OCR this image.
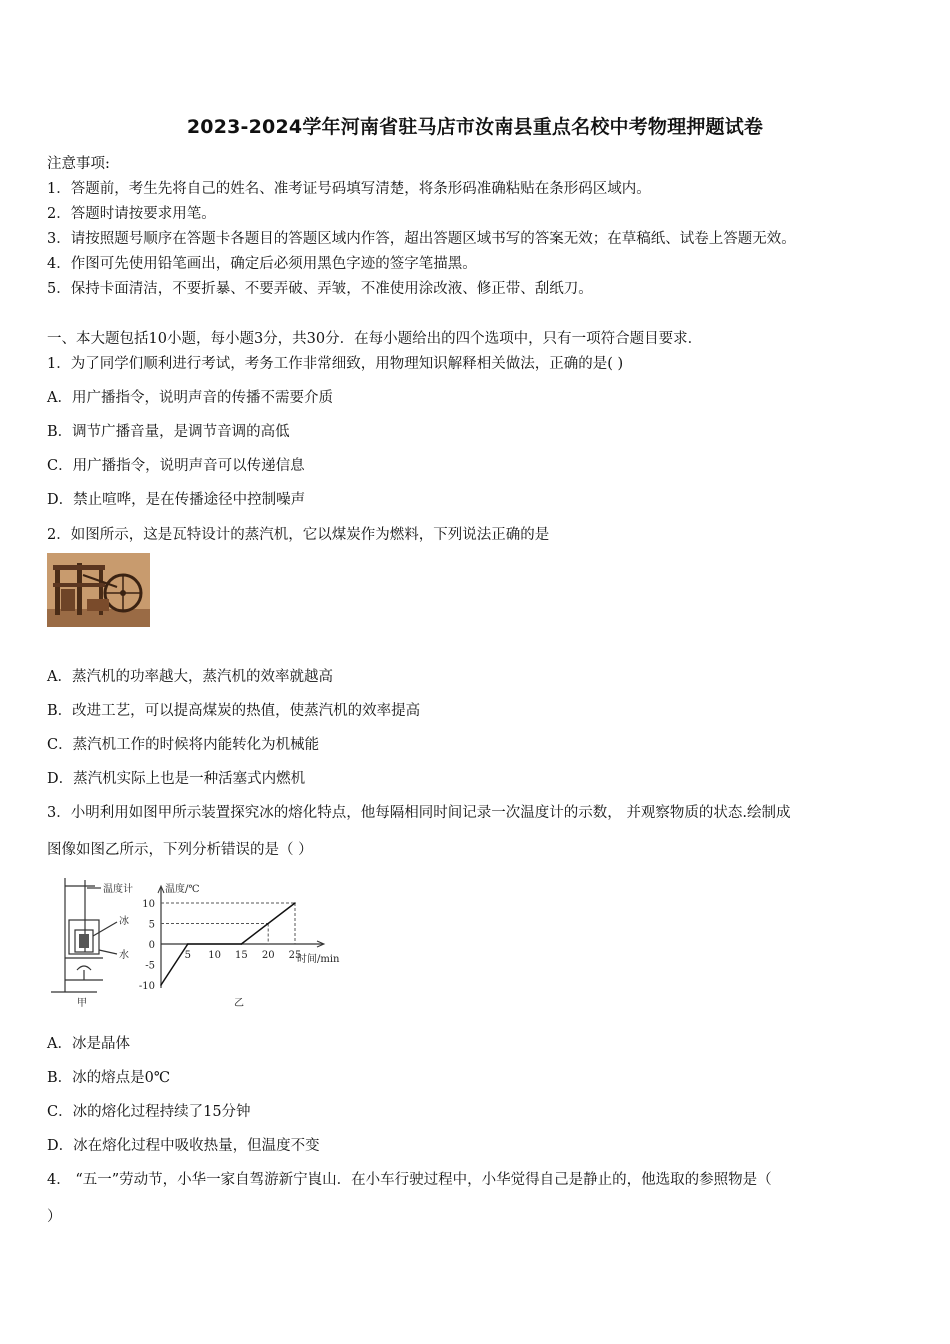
2023-2024学年河南省驻马店市汝南县重点名校中考物理押题试卷
注意事项:
1．答题前，考生先将自己的姓名、准考证号码填写清楚，将条形码准确粘贴在条形码区域内。
2．答题时请按要求用笔。
3．请按照题号顺序在答题卡各题目的答题区域内作答，超出答题区域书写的答案无效；在草稿纸、试卷上答题无效。
4．作图可先使用铅笔画出，确定后必须用黑色字迹的签字笔描黑。
5．保持卡面清洁，不要折暴、不要弄破、弄皱，不准使用涂改液、修正带、刮纸刀。
一、本大题包括10小题，每小题3分，共30分．在每小题给出的四个选项中，只有一项符合题目要求．
1．为了同学们顺利进行考试，考务工作非常细致，用物理知识解释相关做法，正确的是( )
A．用广播指令，说明声音的传播不需要介质
B．调节广播音量，是调节音调的高低
C．用广播指令，说明声音可以传递信息
D．禁止喧哗，是在传播途径中控制噪声
2．如图所示，这是瓦特设计的蒸汽机，它以煤炭作为燃料，下列说法正确的是
A．蒸汽机的功率越大，蒸汽机的效率就越高
B．改进工艺，可以提高煤炭的热值，使蒸汽机的效率提高
C．蒸汽机工作的时候将内能转化为机械能
D．蒸汽机实际上也是一种活塞式内燃机
3．小明利用如图甲所示装置探究冰的熔化特点，他每隔相同时间记录一次温度计的示数， 并观察物质的状态.绘制成
图像如图乙所示，下列分析错误的是（ ）
温度计
冰
水
甲
10
5
0
-5
-10
5 10 15 20 25
温度/℃
时间/min
乙
A．冰是晶体
B．冰的熔点是0℃
C．冰的熔化过程持续了15分钟
D．冰在熔化过程中吸收热量，但温度不变
4． “五一”劳动节，小华一家自驾游新宁崀山．在小车行驶过程中，小华觉得自己是静止的，他选取的参照物是（
）
